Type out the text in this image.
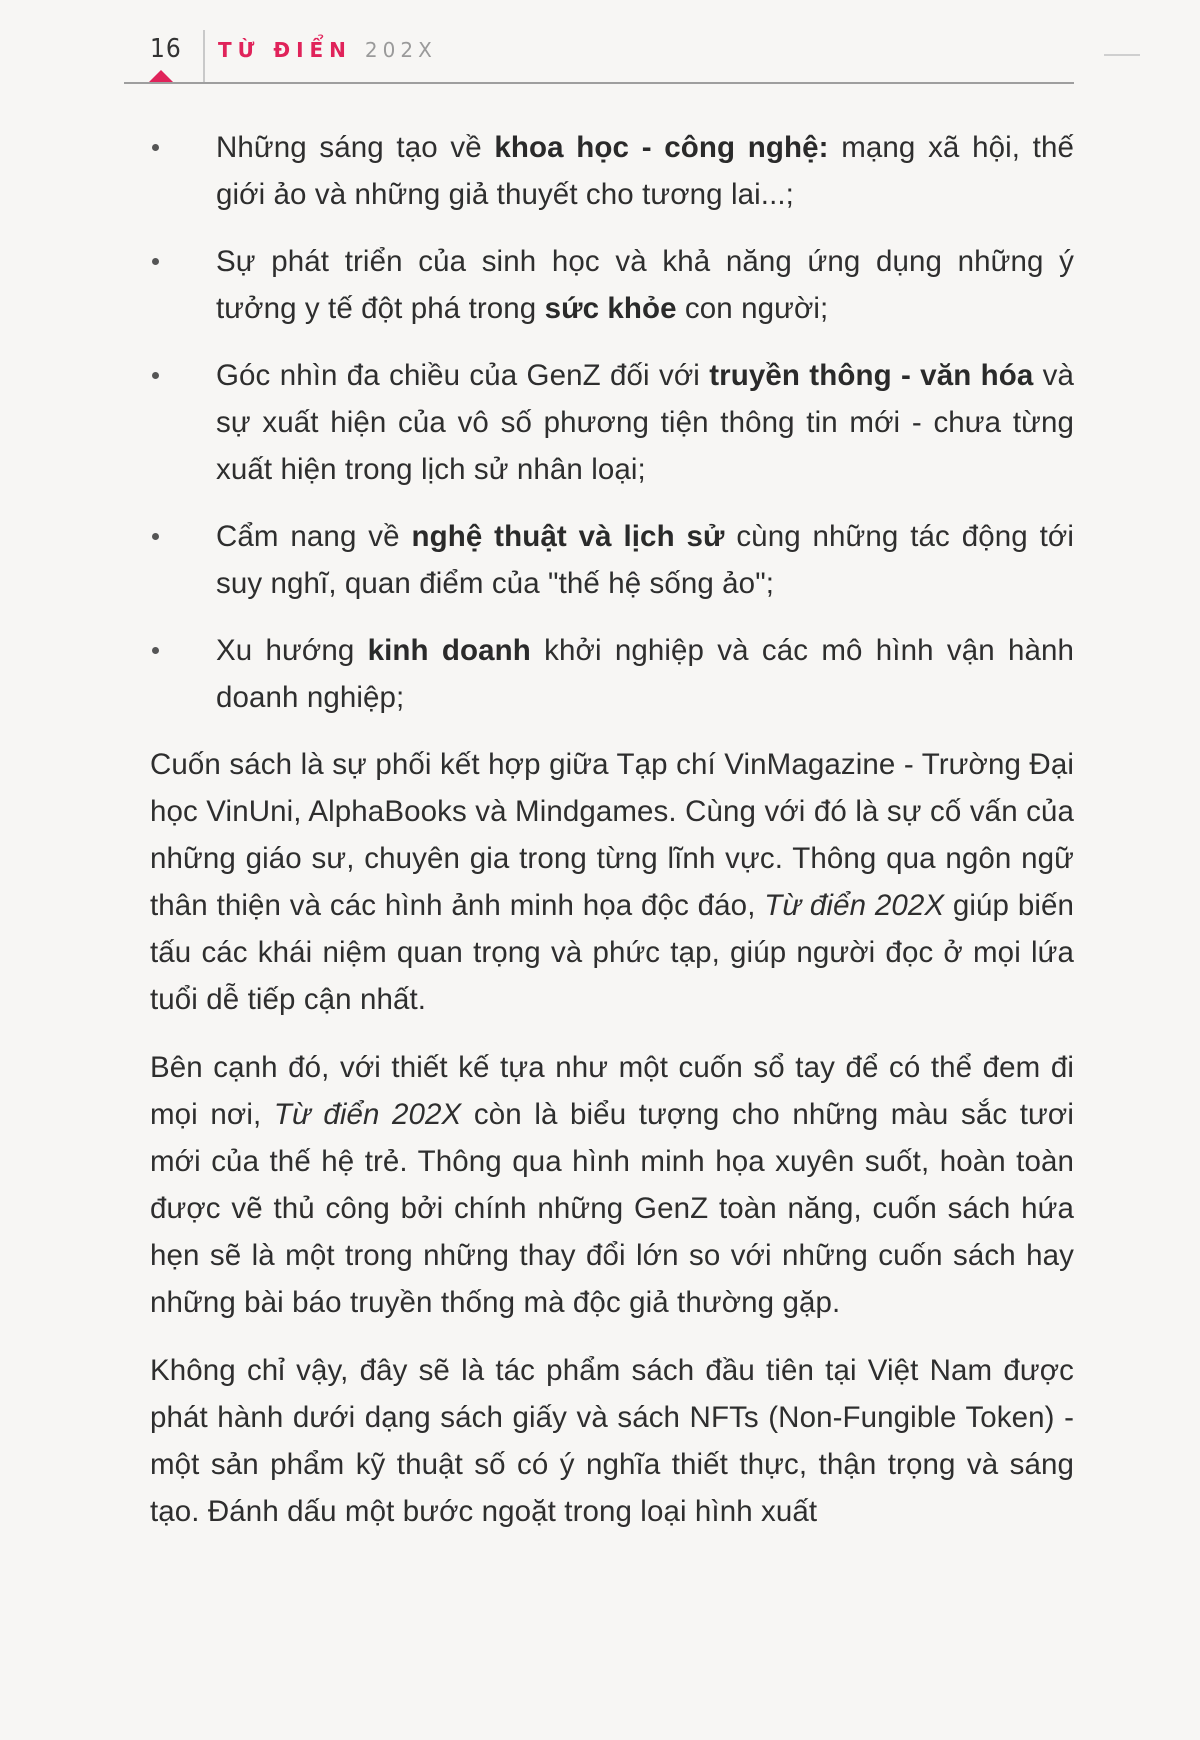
16 TỪ ĐIỂN 202X
Những sáng tạo về khoa học - công nghệ: mạng xã hội, thế giới ảo và những giả thuyết cho tương lai...;
Sự phát triển của sinh học và khả năng ứng dụng những ý tưởng y tế đột phá trong sức khỏe con người;
Góc nhìn đa chiều của GenZ đối với truyền thông - văn hóa và sự xuất hiện của vô số phương tiện thông tin mới - chưa từng xuất hiện trong lịch sử nhân loại;
Cẩm nang về nghệ thuật và lịch sử cùng những tác động tới suy nghĩ, quan điểm của "thế hệ sống ảo";
Xu hướng kinh doanh khởi nghiệp và các mô hình vận hành doanh nghiệp;

Cuốn sách là sự phối kết hợp giữa Tạp chí VinMagazine - Trường Đại học VinUni, AlphaBooks và Mindgames. Cùng với đó là sự cố vấn của những giáo sư, chuyên gia trong từng lĩnh vực. Thông qua ngôn ngữ thân thiện và các hình ảnh minh họa độc đáo, Từ điển 202X giúp biến tấu các khái niệm quan trọng và phức tạp, giúp người đọc ở mọi lứa tuổi dễ tiếp cận nhất.

Bên cạnh đó, với thiết kế tựa như một cuốn sổ tay để có thể đem đi mọi nơi, Từ điển 202X còn là biểu tượng cho những màu sắc tươi mới của thế hệ trẻ. Thông qua hình minh họa xuyên suốt, hoàn toàn được vẽ thủ công bởi chính những GenZ toàn năng, cuốn sách hứa hẹn sẽ là một trong những thay đổi lớn so với những cuốn sách hay những bài báo truyền thống mà độc giả thường gặp.

Không chỉ vậy, đây sẽ là tác phẩm sách đầu tiên tại Việt Nam được phát hành dưới dạng sách giấy và sách NFTs (Non-Fungible Token) - một sản phẩm kỹ thuật số có ý nghĩa thiết thực, thận trọng và sáng tạo. Đánh dấu một bước ngoặt trong loại hình xuất
